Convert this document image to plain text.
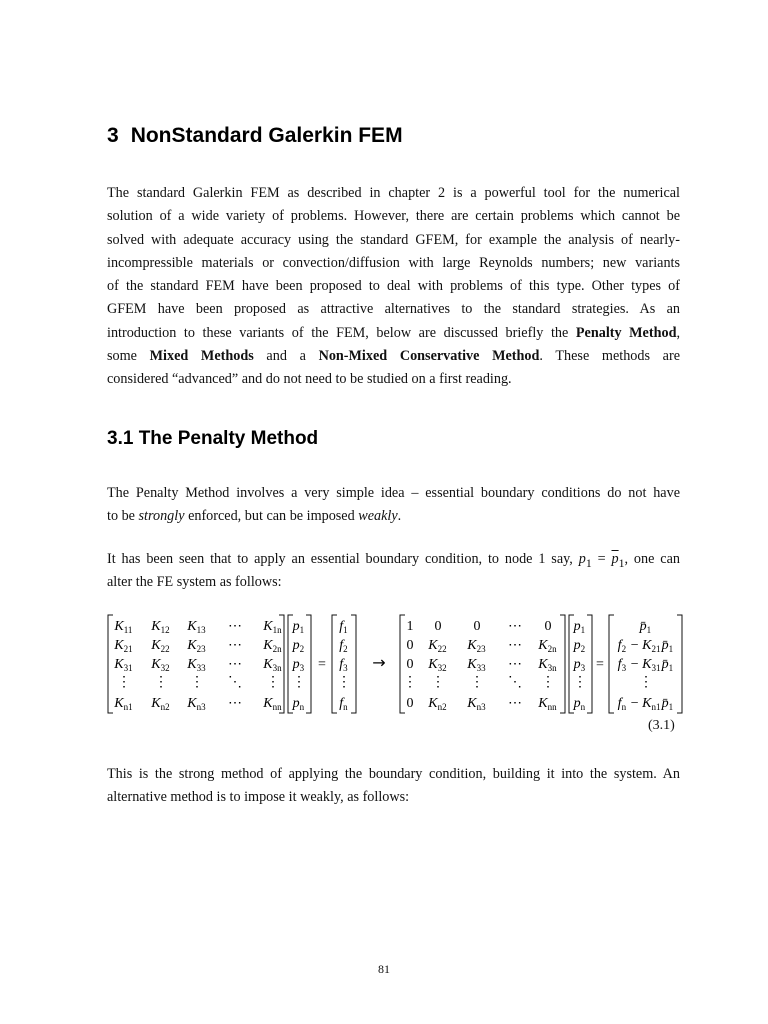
3 NonStandard Galerkin FEM
The standard Galerkin FEM as described in chapter 2 is a powerful tool for the numerical
solution of a wide variety of problems. However, there are certain problems which cannot be
solved with adequate accuracy using the standard GFEM, for example the analysis of nearly-
incompressible materials or convection/diffusion with large Reynolds numbers; new variants
of the standard FEM have been proposed to deal with problems of this type. Other types of
GFEM have been proposed as attractive alternatives to the standard strategies. As an
introduction to these variants of the FEM, below are discussed briefly the Penalty Method,
some Mixed Methods and a Non-Mixed Conservative Method. These methods are
considered “advanced” and do not need to be studied on a first reading.
3.1 The Penalty Method
The Penalty Method involves a very simple idea – essential boundary conditions do not have
to be strongly enforced, but can be imposed weakly.
It has been seen that to apply an essential boundary condition, to node 1 say, $p_1 = \overline{p}_1$, one can
alter the FE system as follows:
$K_{11}$  $K_{12}$  $K_{13}$  ⋯ $K_{1n}$ 
$K_{21}$  $K_{22}$  $K_{23}$  ⋯ $K_{2n}$ 
$K_{31}$  $K_{32}$  $K_{33}$  ⋯ $K_{3n}$ 
⋮ ⋮ ⋮ ⋱ ⋮
$K_{n1}$  $K_{n2}$  $K_{n3}$  ⋯ $K_{nn}$ 
$p_1$ 
$p_2$ 
$p_3$ 
⋮
$p_n$ 
=
$f_1$ 
$f_2$ 
$f_3$ 
⋮
$f_n$ 
→
1 0 0 ⋯ 0
0 $K_{22}$  $K_{23}$  ⋯ $K_{2n}$ 
0 $K_{32}$  $K_{33}$  ⋯ $K_{3n}$ 
⋮ ⋮ ⋮ ⋱ ⋮
0 $K_{n2}$  $K_{n3}$  ⋯ $K_{nn}$ 
$p_1$ 
$p_2$ 
$p_3$ 
⋮
$p_n$ 
=
$p̄_1$ 
$f_2$  − $K_{21}$ $p̄_1$ 
$f_3$  − $K_{31}$ $p̄_1$ 
⋮
$f_n$  − $K_{n1}$ $p̄_1$ 
(3.1)
This is the strong method of applying the boundary condition, building it into the system. An
alternative method is to impose it weakly, as follows:
81
